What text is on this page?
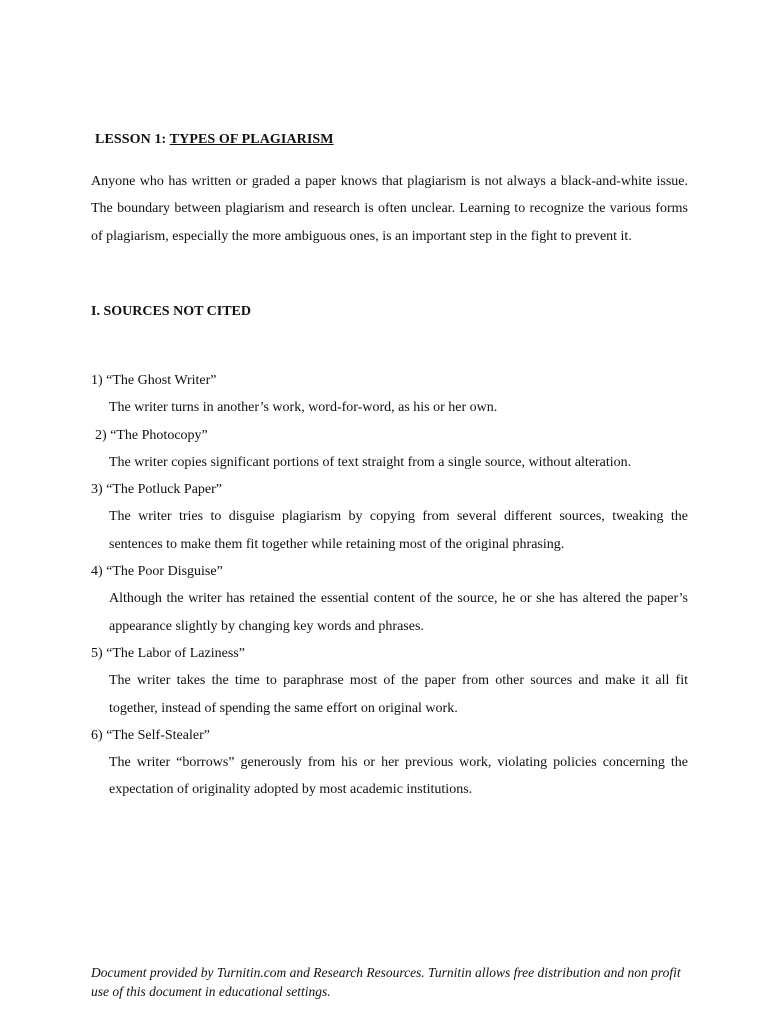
LESSON 1: TYPES OF PLAGIARISM

Anyone who has written or graded a paper knows that plagiarism is not always a black-and-white issue. The boundary between plagiarism and research is often unclear. Learning to recognize the various forms of plagiarism, especially the more ambiguous ones, is an important step in the fight to prevent it.

I. SOURCES NOT CITED

1) “The Ghost Writer”

The writer turns in another’s work, word-for-word, as his or her own.

2) “The Photocopy”

The writer copies significant portions of text straight from a single source, without alteration.

3) “The Potluck Paper”

The writer tries to disguise plagiarism by copying from several different sources, tweaking the sentences to make them fit together while retaining most of the original phrasing.

4) “The Poor Disguise”

Although the writer has retained the essential content of the source, he or she has altered the paper’s appearance slightly by changing key words and phrases.

5) “The Labor of Laziness”

The writer takes the time to paraphrase most of the paper from other sources and make it all fit together, instead of spending the same effort on original work.

6) “The Self-Stealer”

The writer “borrows” generously from his or her previous work, violating policies concerning the expectation of originality adopted by most academic institutions.

Document provided by Turnitin.com and Research Resources. Turnitin allows free distribution and non profit use of this document in educational settings.
